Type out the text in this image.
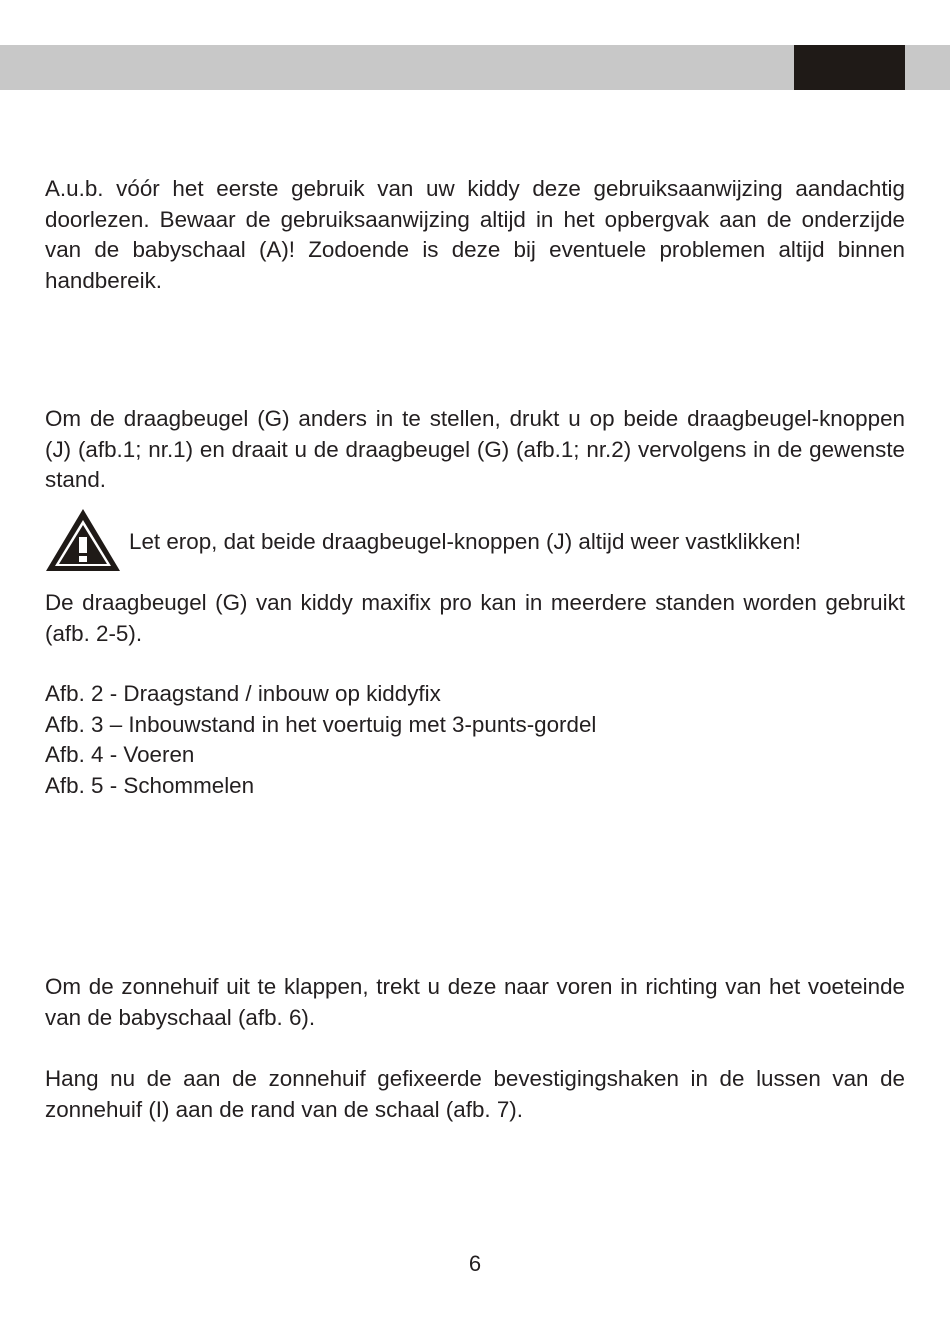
A.u.b. vóór het eerste gebruik van uw kiddy deze gebruiksaanwijzing aandachtig doorlezen. Bewaar de gebruiksaanwijzing altijd in het opbergvak aan de onderzijde van de babyschaal (A)! Zodoende is deze bij eventuele problemen altijd binnen handbereik.

Om de draagbeugel (G) anders in te stellen, drukt u op beide draagbeugel-knoppen (J) (afb.1; nr.1) en draait u de draagbeugel (G) (afb.1; nr.2) vervolgens in de gewenste stand.

Let erop, dat beide draagbeugel-knoppen (J) altijd weer vastklikken!

De draagbeugel (G) van kiddy maxifix pro kan in meerdere standen worden gebruikt (afb. 2-5).

Afb. 2 - Draagstand / inbouw op kiddyfix
Afb. 3 – Inbouwstand in het voertuig met 3-punts-gordel
Afb. 4 - Voeren
Afb. 5 - Schommelen

Om de zonnehuif uit te klappen, trekt u deze naar voren in richting van het voeteinde van de babyschaal (afb. 6).

Hang nu de aan de zonnehuif gefixeerde bevestigingshaken in de lussen van de zonnehuif (I) aan de rand van de schaal (afb. 7).

6
